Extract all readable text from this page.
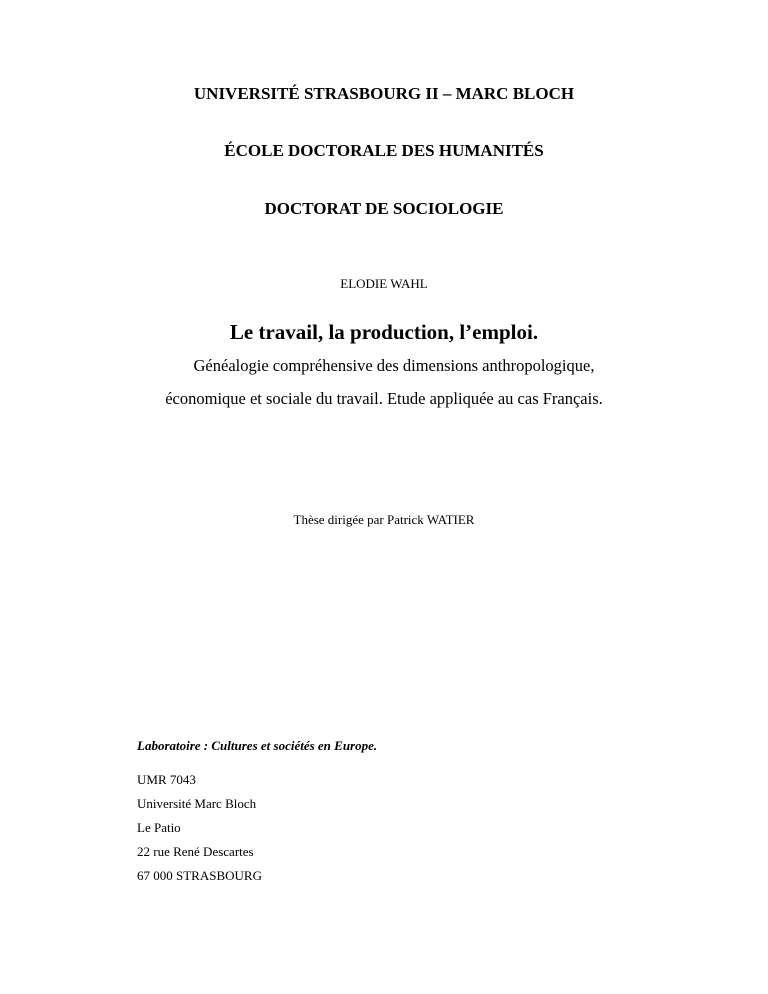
UNIVERSITÉ STRASBOURG II – MARC BLOCH
ÉCOLE DOCTORALE DES HUMANITÉS
DOCTORAT DE SOCIOLOGIE
ELODIE WAHL
Le travail, la production, l’emploi.
Généalogie compréhensive des dimensions anthropologique,
économique et sociale du travail. Etude appliquée au cas Français.
Thèse dirigée par Patrick WATIER
Laboratoire : Cultures et sociétés en Europe.
UMR 7043
Université Marc Bloch
Le Patio
22 rue René Descartes
67 000 STRASBOURG
